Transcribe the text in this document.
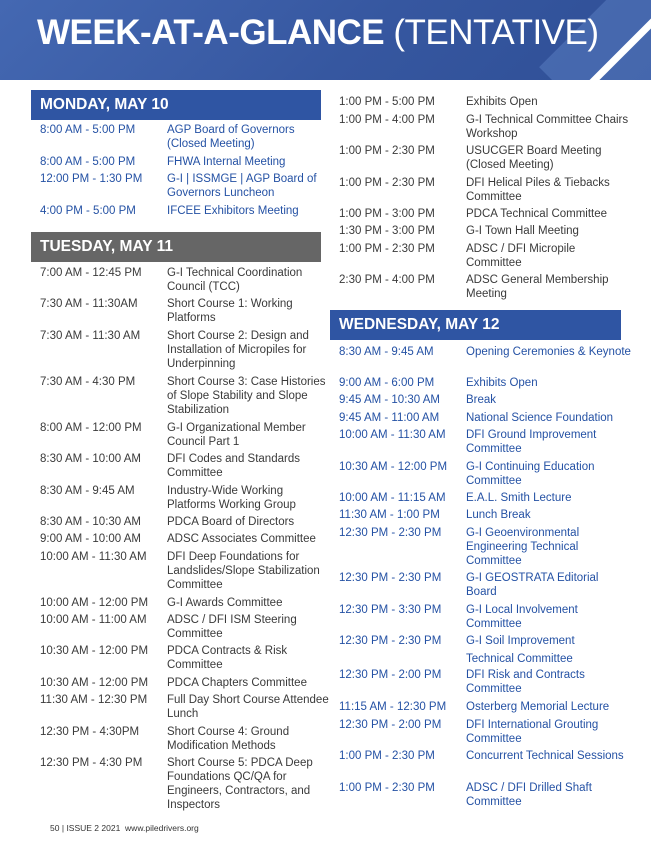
WEEK-AT-A-GLANCE (TENTATIVE)
MONDAY, MAY 10
8:00 AM - 5:00 PM	AGP Board of Governors (Closed Meeting)
8:00 AM - 5:00 PM	FHWA Internal Meeting
12:00 PM - 1:30 PM	G-I | ISSMGE | AGP Board of Governors Luncheon
4:00 PM - 5:00 PM	IFCEE Exhibitors Meeting
TUESDAY, MAY 11
7:00 AM - 12:45 PM	G-I Technical Coordination Council (TCC)
7:30 AM - 11:30AM	Short Course 1: Working Platforms
7:30 AM - 11:30 AM	Short Course 2: Design and Installation of Micropiles for Underpinning
7:30 AM - 4:30 PM	Short Course 3: Case Histories of Slope Stability and Slope Stabilization
8:00 AM - 12:00 PM	G-I Organizational Member Council Part 1
8:30 AM - 10:00 AM	DFI Codes and Standards Committee
8:30 AM - 9:45 AM	Industry-Wide Working Platforms Working Group
8:30 AM - 10:30 AM	PDCA Board of Directors
9:00 AM - 10:00 AM	ADSC Associates Committee
10:00 AM - 11:30 AM	DFI Deep Foundations for Landslides/Slope Stabilization Committee
10:00 AM - 12:00 PM	G-I Awards Committee
10:00 AM - 11:00 AM	ADSC / DFI ISM Steering Committee
10:30 AM - 12:00 PM	PDCA Contracts & Risk Committee
10:30 AM - 12:00 PM	PDCA Chapters Committee
11:30 AM - 12:30 PM	Full Day Short Course Attendee Lunch
12:30 PM - 4:30PM	Short Course 4: Ground Modification Methods
12:30 PM - 4:30 PM	Short Course 5: PDCA Deep Foundations QC/QA for Engineers, Contractors, and Inspectors
1:00 PM - 5:00 PM	Exhibits Open
1:00 PM - 4:00 PM	G-I Technical Committee Chairs Workshop
1:00 PM - 2:30 PM	USUCGER Board Meeting (Closed Meeting)
1:00 PM - 2:30 PM	DFI Helical Piles & Tiebacks Committee
1:00 PM - 3:00 PM	PDCA Technical Committee
1:30 PM - 3:00 PM	G-I Town Hall Meeting
1:00 PM - 2:30 PM	ADSC / DFI Micropile Committee
2:30 PM - 4:00 PM	ADSC General Membership Meeting
WEDNESDAY, MAY 12
8:30 AM - 9:45 AM	Opening Ceremonies & Keynote
9:00 AM - 6:00 PM	Exhibits Open
9:45 AM - 10:30 AM	Break
9:45 AM - 11:00 AM	National Science Foundation
10:00 AM - 11:30 AM	DFI Ground Improvement Committee
10:30 AM - 12:00 PM	G-I Continuing Education Committee
10:00 AM - 11:15 AM	E.A.L. Smith Lecture
11:30 AM - 1:00 PM	Lunch Break
12:30 PM - 2:30 PM	G-I Geoenvironmental Engineering Technical Committee
12:30 PM - 2:30 PM	G-I GEOSTRATA Editorial Board
12:30 PM - 3:30 PM	G-I Local Involvement Committee
12:30 PM - 2:30 PM	G-I Soil Improvement
Technical Committee
12:30 PM - 2:00 PM	DFI Risk and Contracts Committee
11:15 AM - 12:30 PM	Osterberg Memorial Lecture
12:30 PM - 2:00 PM	DFI International Grouting Committee
1:00 PM - 2:30 PM	Concurrent Technical Sessions
1:00 PM - 2:30 PM	ADSC / DFI Drilled Shaft Committee
50 | ISSUE 2 2021 www.piledrivers.org
